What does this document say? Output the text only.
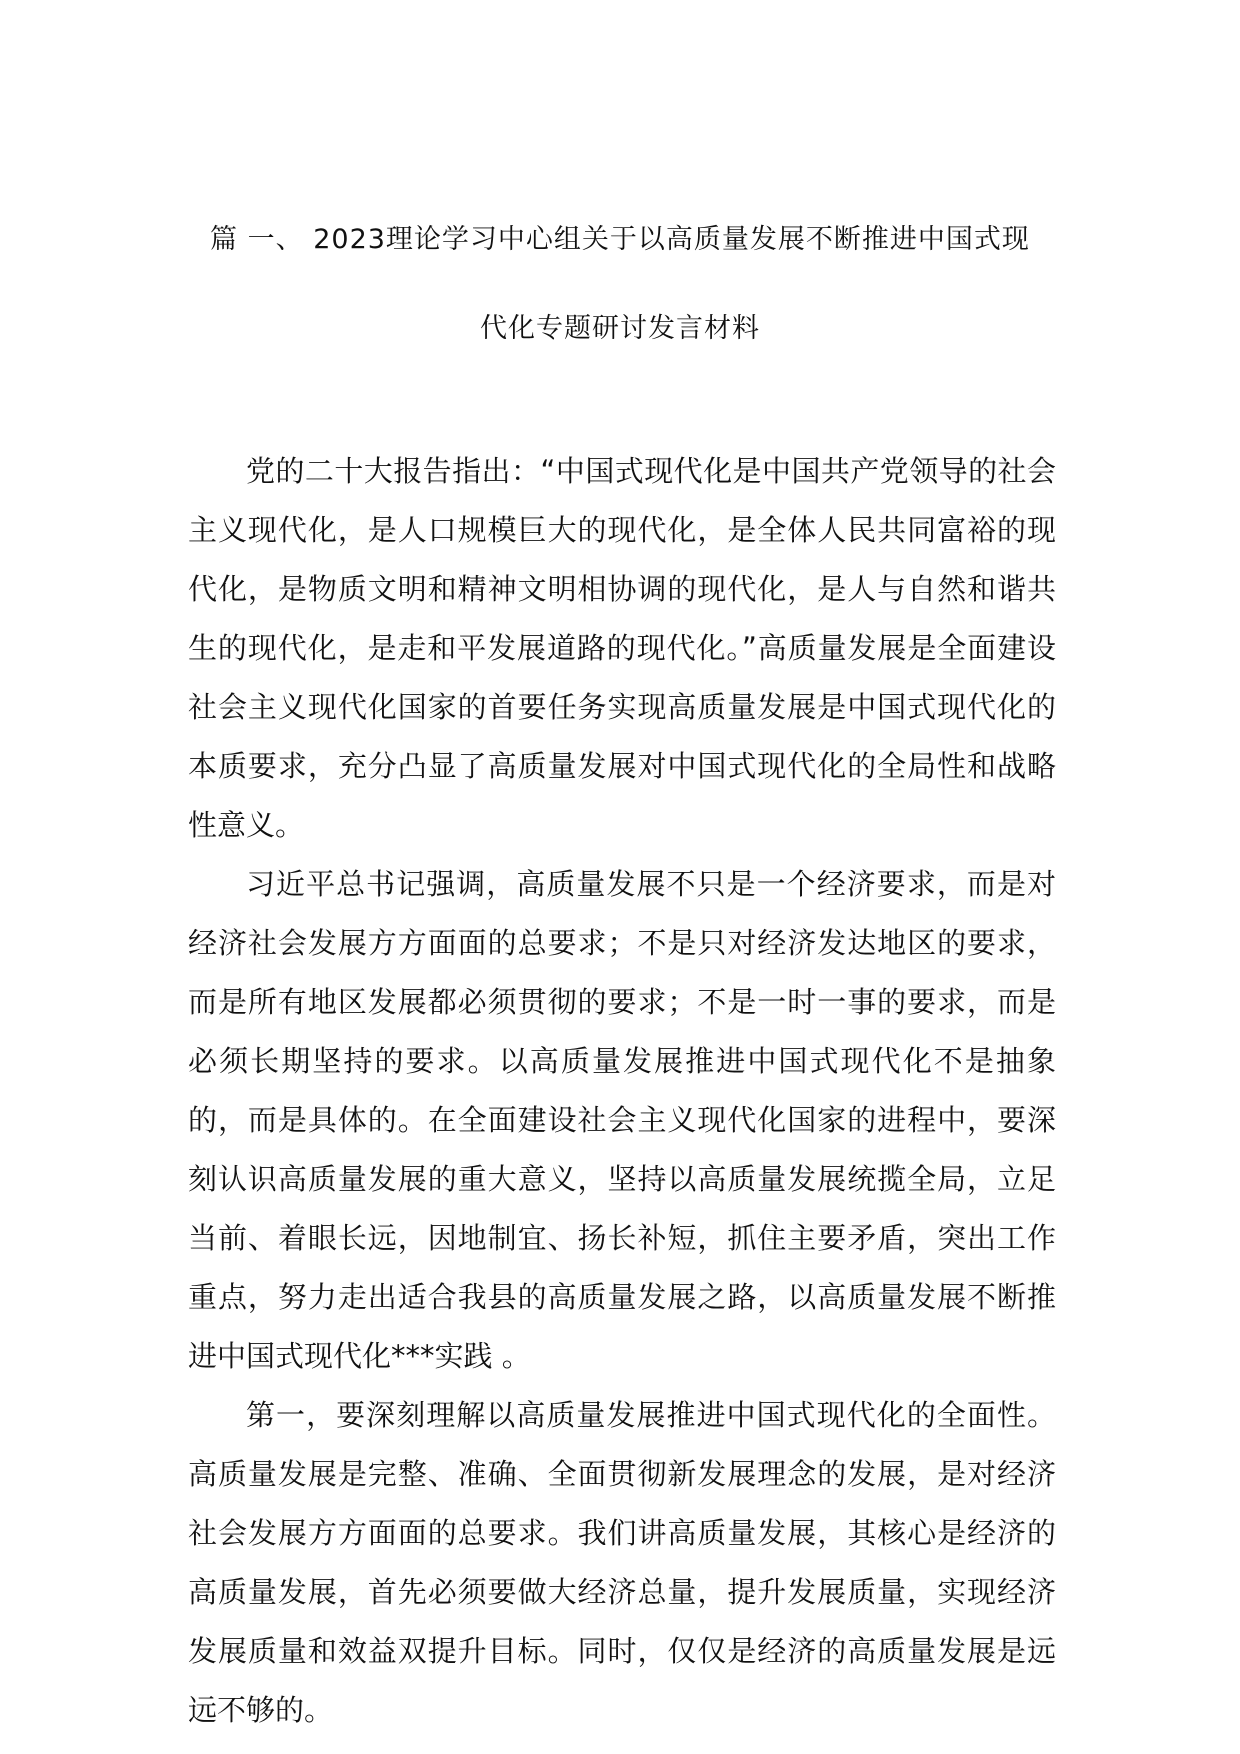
篇 一、 2023理论学习中心组关于以高质量发展不断推进中国式现
代化专题研讨发言材料

党的二十大报告指出：“中国式现代化是中国共产党领导的社会主义现代化，是人口规模巨大的现代化，是全体人民共同富裕的现代化，是物质文明和精神文明相协调的现代化，是人与自然和谐共生的现代化，是走和平发展道路的现代化。”高质量发展是全面建设社会主义现代化国家的首要任务实现高质量发展是中国式现代化的本质要求，充分凸显了高质量发展对中国式现代化的全局性和战略性意义。

习近平总书记强调，高质量发展不只是一个经济要求，而是对经济社会发展方方面面的总要求；不是只对经济发达地区的要求，而是所有地区发展都必须贯彻的要求；不是一时一事的要求，而是必须长期坚持的要求。以高质量发展推进中国式现代化不是抽象的，而是具体的。在全面建设社会主义现代化国家的进程中，要深刻认识高质量发展的重大意义，坚持以高质量发展统揽全局，立足当前、着眼长远，因地制宜、扬长补短，抓住主要矛盾，突出工作重点，努力走出适合我县的高质量发展之路，以高质量发展不断推进中国式现代化***实践 。

第一，要深刻理解以高质量发展推进中国式现代化的全面性。高质量发展是完整、准确、全面贯彻新发展理念的发展，是对经济社会发展方方面面的总要求。我们讲高质量发展，其核心是经济的高质量发展，首先必须要做大经济总量，提升发展质量，实现经济发展质量和效益双提升目标。同时，仅仅是经济的高质量发展是远远不够的。
